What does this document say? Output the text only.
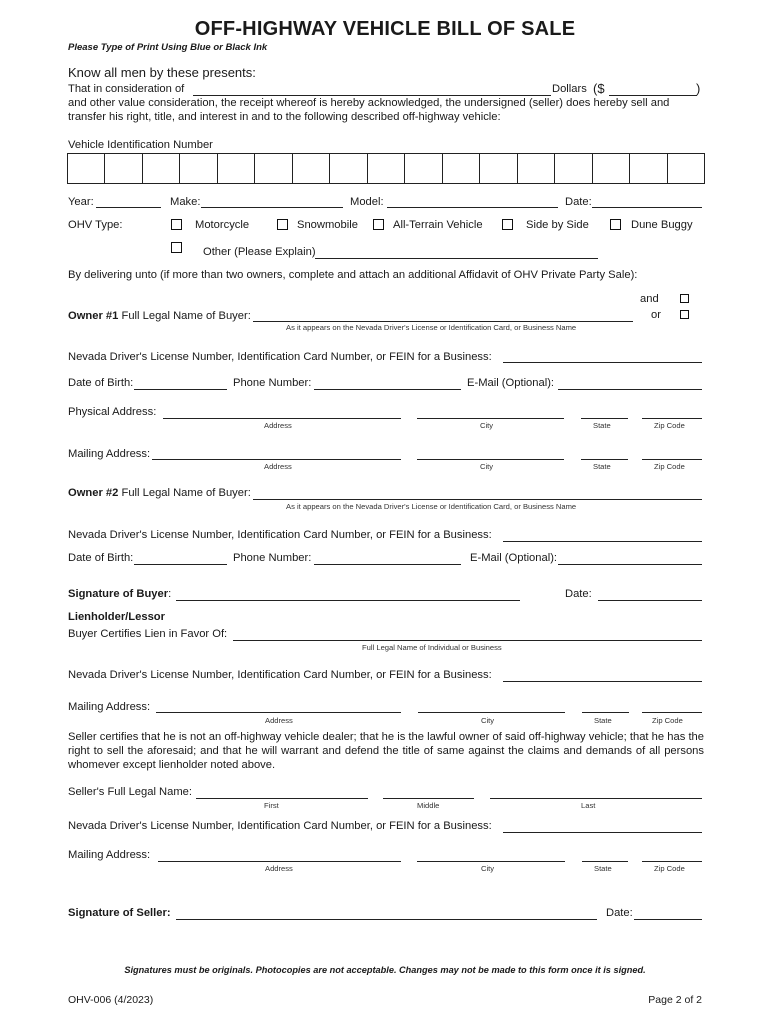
OFF-HIGHWAY VEHICLE BILL OF SALE
Please Type of Print Using Blue or Black Ink
Know all men by these presents:
That in consideration of	Dollars ($	)
and other value consideration, the receipt whereof is hereby acknowledged, the undersigned (seller) does hereby sell and transfer his right, title, and interest in and to the following described off-highway vehicle:
Vehicle Identification Number
Year:	Make:	Model:	Date:
OHV Type:	Motorcycle	Snowmobile	All-Terrain Vehicle	Side by Side	Dune Buggy
Other (Please Explain)
By delivering unto (if more than two owners, complete and attach an additional Affidavit of OHV Private Party Sale):
and
or
Owner #1 Full Legal Name of Buyer:
As it appears on the Nevada Driver's License or Identification Card, or Business Name
Nevada Driver's License Number, Identification Card Number, or FEIN for a Business:
Date of Birth:	Phone Number:	E-Mail (Optional):
Physical Address:
Address	City	State	Zip Code
Mailing Address:
Address	City	State	Zip Code
Owner #2 Full Legal Name of Buyer:
As it appears on the Nevada Driver's License or Identification Card, or Business Name
Nevada Driver's License Number, Identification Card Number, or FEIN for a Business:
Date of Birth:	Phone Number:	E-Mail (Optional):
Signature of Buyer:	Date:
Lienholder/Lessor
Buyer Certifies Lien in Favor Of:
Full Legal Name of Individual or Business
Nevada Driver's License Number, Identification Card Number, or FEIN for a Business:
Mailing Address:
Address	City	State	Zip Code
Seller certifies that he is not an off-highway vehicle dealer; that he is the lawful owner of said off-highway vehicle; that he has the right to sell the aforesaid; and that he will warrant and defend the title of same against the claims and demands of all persons whomever except lienholder noted above.
Seller's Full Legal Name:
First	Middle	Last
Nevada Driver's License Number, Identification Card Number, or FEIN for a Business:
Mailing Address:
Address	City	State	Zip Code
Signature of Seller:	Date:
Signatures must be originals. Photocopies are not acceptable. Changes may not be made to this form once it is signed.
OHV-006 (4/2023)	Page 2 of 2
